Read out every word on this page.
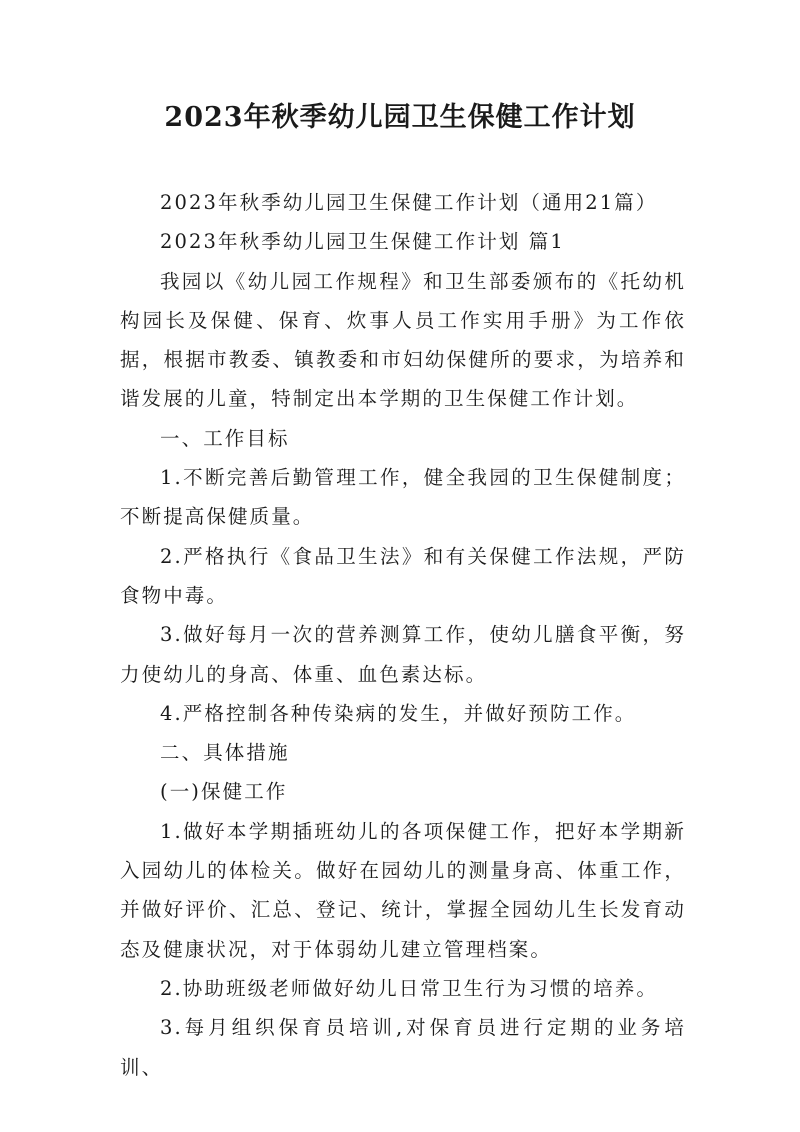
2023年秋季幼儿园卫生保健工作计划

2023年秋季幼儿园卫生保健工作计划（通用21篇）

2023年秋季幼儿园卫生保健工作计划 篇1

我园以《幼儿园工作规程》和卫生部委颁布的《托幼机构园长及保健、保育、炊事人员工作实用手册》为工作依据，根据市教委、镇教委和市妇幼保健所的要求，为培养和谐发展的儿童，特制定出本学期的卫生保健工作计划。

一、工作目标

1.不断完善后勤管理工作，健全我园的卫生保健制度；不断提高保健质量。

2.严格执行《食品卫生法》和有关保健工作法规，严防食物中毒。

3.做好每月一次的营养测算工作，使幼儿膳食平衡，努力使幼儿的身高、体重、血色素达标。

4.严格控制各种传染病的发生，并做好预防工作。

二、具体措施

(一)保健工作

1.做好本学期插班幼儿的各项保健工作，把好本学期新入园幼儿的体检关。做好在园幼儿的测量身高、体重工作，并做好评价、汇总、登记、统计，掌握全园幼儿生长发育动态及健康状况，对于体弱幼儿建立管理档案。

2.协助班级老师做好幼儿日常卫生行为习惯的培养。

3.每月组织保育员培训,对保育员进行定期的业务培训、
